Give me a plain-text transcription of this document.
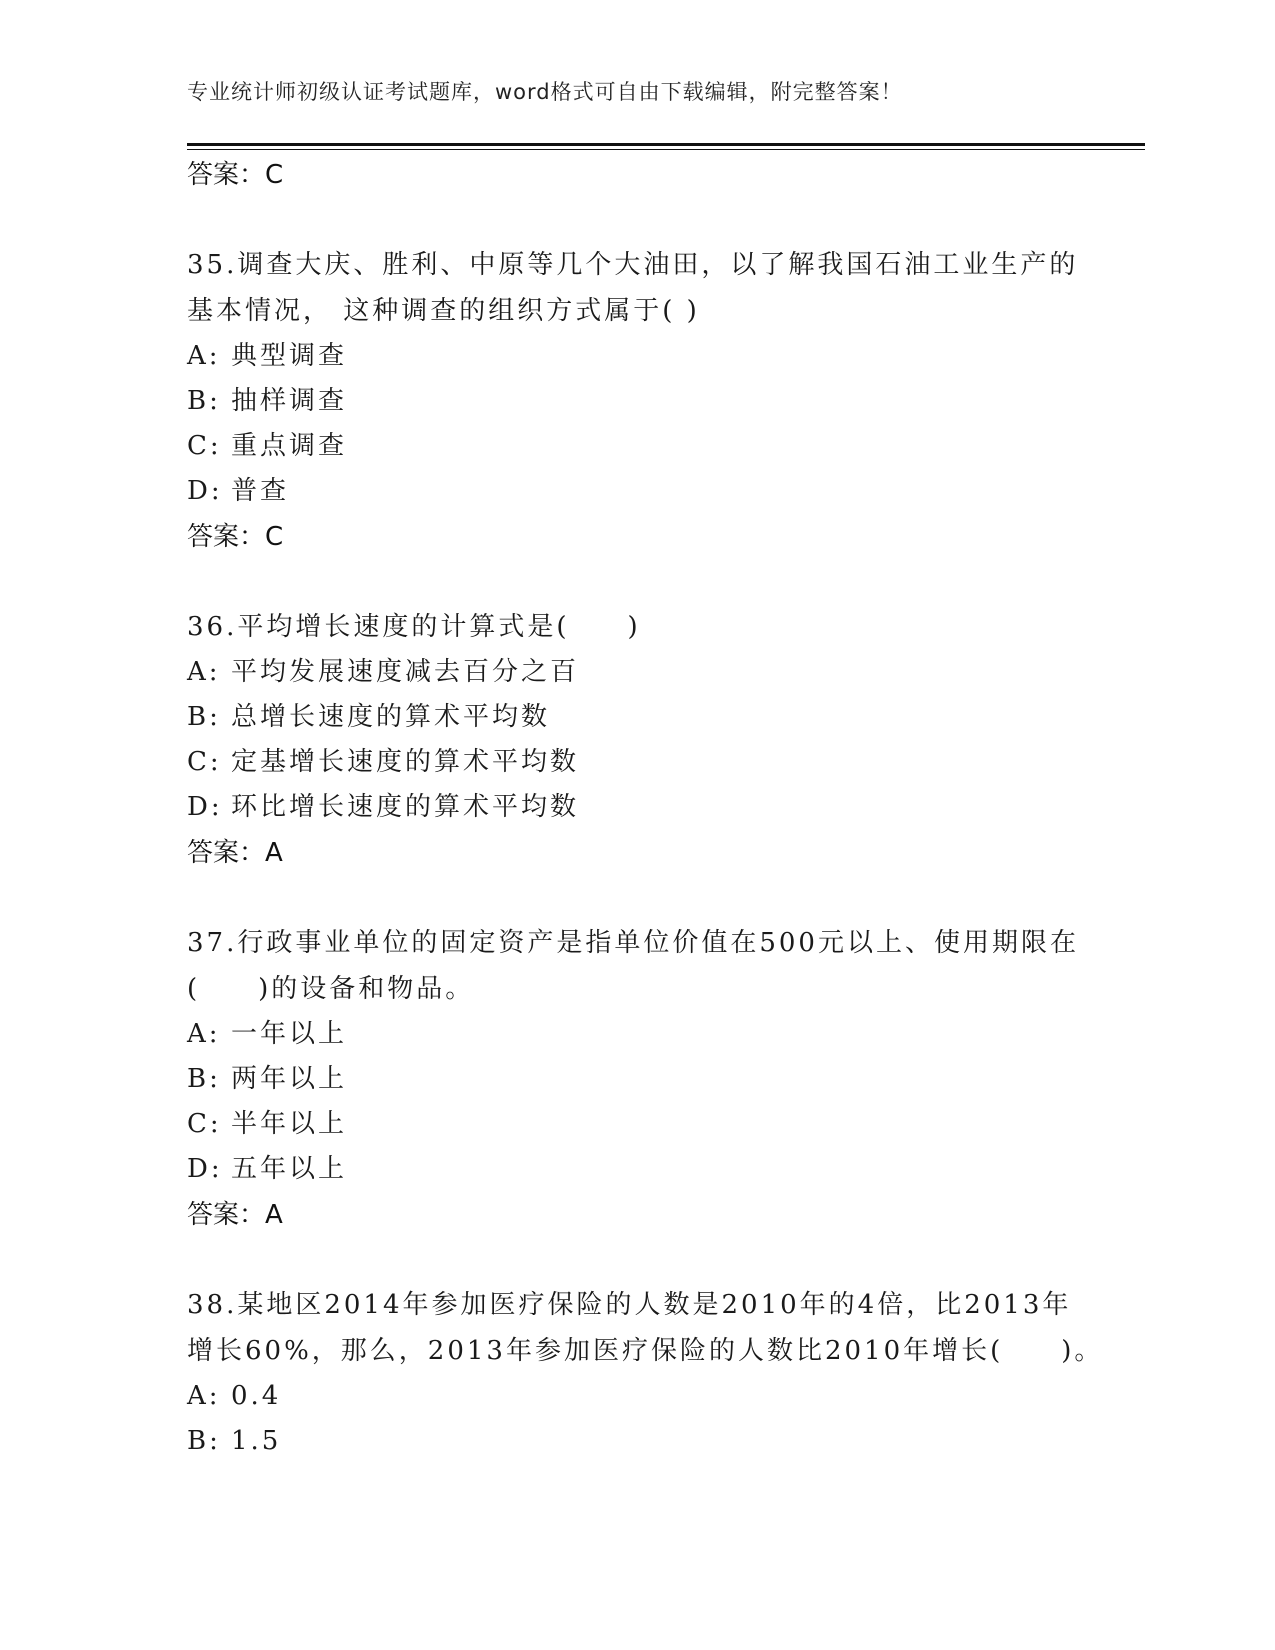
专业统计师初级认证考试题库，word格式可自由下载编辑，附完整答案！
答案：C
35.调查大庆、胜利、中原等几个大油田，以了解我国石油工业生产的
基本情况， 这种调查的组织方式属于( )
A: 典型调查
B: 抽样调查
C: 重点调查
D: 普查
答案：C
36.平均增长速度的计算式是(　　)
A: 平均发展速度减去百分之百
B: 总增长速度的算术平均数
C: 定基增长速度的算术平均数
D: 环比增长速度的算术平均数
答案：A
37.行政事业单位的固定资产是指单位价值在500元以上、使用期限在
(　　)的设备和物品。
A: 一年以上
B: 两年以上
C: 半年以上
D: 五年以上
答案：A
38.某地区2014年参加医疗保险的人数是2010年的4倍，比2013年
增长60%，那么，2013年参加医疗保险的人数比2010年增长(　　)。
A: 0.4
B: 1.5
